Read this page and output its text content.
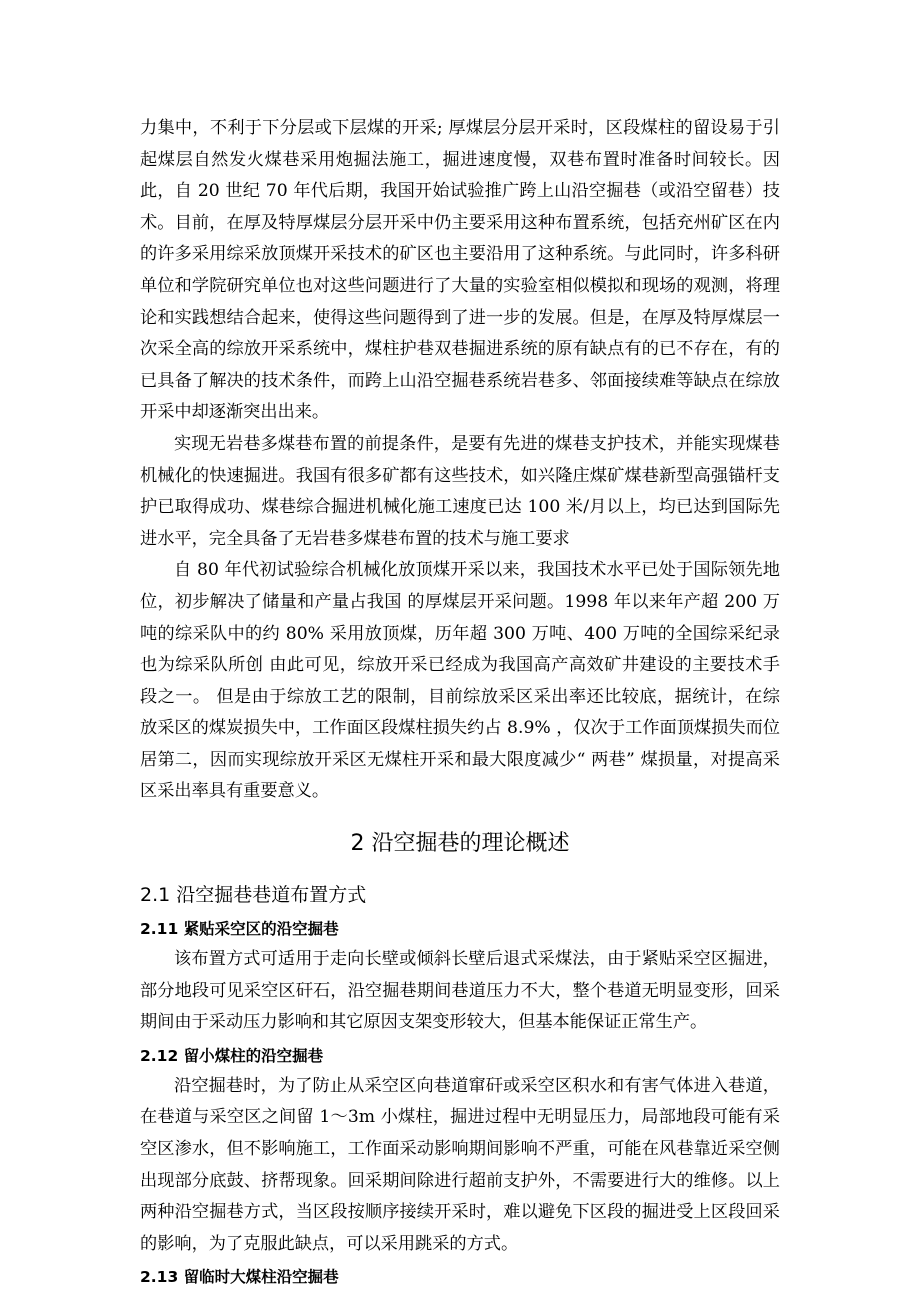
力集中，不利于下分层或下层煤的开采; 厚煤层分层开采时，区段煤柱的留设易于引起煤层自然发火煤巷采用炮掘法施工，掘进速度慢，双巷布置时准备时间较长。因此，自 20 世纪 70 年代后期，我国开始试验推广跨上山沿空掘巷（或沿空留巷）技术。目前，在厚及特厚煤层分层开采中仍主要采用这种布置系统，包括充州矿区在内的许多采用综采放顶煤开采技术的矿区也主要沿用了这种系统。与此同时，许多科研单位和学院研究单位也对这些问题进行了大量的实验室相似模拟和现场的观测，将理论和实践想结合起来，使得这些问题得到了进一步的发展。但是，在厚及特厚煤层一次采全高的综放开采系统中，煤柱护巷双巷掘进系统的原有缺点有的已不存在，有的已具备了解决的技术条件，而跨上山沿空掘巷系统岩巷多、邻面接续难等缺点在综放开采中却逐渐突出出来。

实现无岩巷多煤巷布置的前提条件，是要有先进的煤巷支护技术，并能实现煤巷机械化的快速掘进。我国有很多矿都有这些技术，如兴隆庄煤矿煤巷新型高强锚杆支护已取得成功、煤巷综合掘进机械化施工速度已达 100 米/月以上，均已达到国际先进水平，完全具备了无岩巷多煤巷布置的技术与施工要求

自 80 年代初试验综合机械化放顶煤开采以来，我国技术水平已处于国际领先地位，初步解决了储量和产量占我国 的厚煤层开采问题。1998 年以来年产超 200 万吨的综采队中的约 80% 采用放顶煤，历年超 300 万吨、400 万吨的全国综采纪录也为综采队所创 由此可见，综放开采已经成为我国高产高效矿井建设的主要技术手段之一。 但是由于综放工艺的限制，目前综放采区采出率还比较底，据统计，在综放采区的煤炭损失中，工作面区段煤柱损失约占 8.9% ，仅次于工作面顶煤损失而位居第二，因而实现综放开采区无煤柱开采和最大限度减少“ 两巷” 煤损量，对提高采区采出率具有重要意义。

2 沿空掘巷的理论概述
2.1 沿空掘巷巷道布置方式
2.11 紧贴采空区的沿空掘巷

该布置方式可适用于走向长壁或倾斜长壁后退式采煤法，由于紧贴采空区掘进，部分地段可见采空区矸石，沿空掘巷期间巷道压力不大，整个巷道无明显变形，回采期间由于采动压力影响和其它原因支架变形较大，但基本能保证正常生产。

2.12 留小煤柱的沿空掘巷

沿空掘巷时，为了防止从采空区向巷道窜矸或采空区积水和有害气体进入巷道，在巷道与采空区之间留 1～3m 小煤柱，掘进过程中无明显压力，局部地段可能有采空区渗水，但不影响施工，工作面采动影响期间影响不严重，可能在风巷靠近采空侧出现部分底鼓、挤帮现象。回采期间除进行超前支护外，不需要进行大的维修。以上两种沿空掘巷方式，当区段按顺序接续开采时，难以避免下区段的掘进受上区段回采的影响，为了克服此缺点，可以采用跳采的方式。

2.13 留临时大煤柱沿空掘巷
